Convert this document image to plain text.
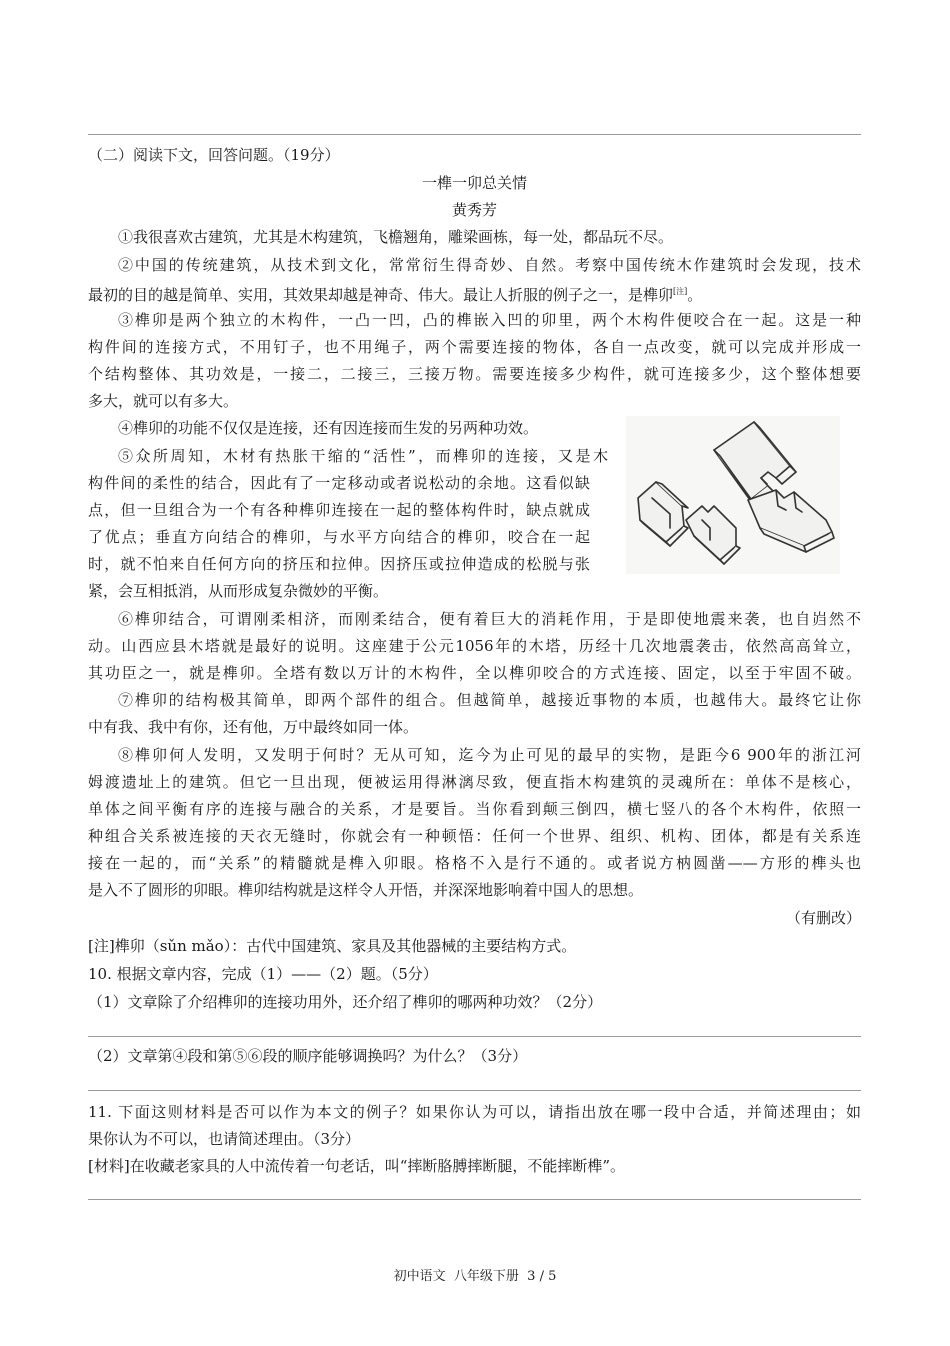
（二）阅读下文，回答问题。（19分）
一榫一卯总关情
黄秀芳
①我很喜欢古建筑，尤其是木构建筑，飞檐翘角，雕梁画栋，每一处，都品玩不尽。
②中国的传统建筑，从技术到文化，常常衍生得奇妙、自然。考察中国传统木作建筑时会发现，技术
最初的目的越是简单、实用，其效果却越是神奇、伟大。最让人折服的例子之一，是榫卯[注]。
③榫卯是两个独立的木构件，一凸一凹，凸的榫嵌入凹的卯里，两个木构件便咬合在一起。这是一种
构件间的连接方式，不用钉子，也不用绳子，两个需要连接的物体，各自一点改变，就可以完成并形成一
个结构整体、其功效是，一接二，二接三，三接万物。需要连接多少构件，就可连接多少，这个整体想要
多大，就可以有多大。
④榫卯的功能不仅仅是连接，还有因连接而生发的另两种功效。
⑤众所周知，木材有热胀干缩的“活性”，而榫卯的连接，又是木
构件间的柔性的结合，因此有了一定移动或者说松动的余地。这看似缺
点，但一旦组合为一个有各种榫卯连接在一起的整体构件时，缺点就成
了优点；垂直方向结合的榫卯，与水平方向结合的榫卯，咬合在一起
时，就不怕来自任何方向的挤压和拉伸。因挤压或拉伸造成的松脱与张
紧，会互相抵消，从而形成复杂微妙的平衡。
⑥榫卯结合，可谓刚柔相济，而刚柔结合，便有着巨大的消耗作用，于是即使地震来袭，也自岿然不
动。山西应县木塔就是最好的说明。这座建于公元1056年的木塔，历经十几次地震袭击，依然高高耸立，
其功臣之一，就是榫卯。全塔有数以万计的木构件，全以榫卯咬合的方式连接、固定，以至于牢固不破。
⑦榫卯的结构极其简单，即两个部件的组合。但越简单，越接近事物的本质，也越伟大。最终它让你
中有我、我中有你，还有他，万中最终如同一体。
⑧榫卯何人发明，又发明于何时？无从可知，迄今为止可见的最早的实物，是距今6 900年的浙江河
姆渡遗址上的建筑。但它一旦出现，便被运用得淋漓尽致，便直指木构建筑的灵魂所在：单体不是核心，
单体之间平衡有序的连接与融合的关系，才是要旨。当你看到颠三倒四，横七竖八的各个木构件，依照一
种组合关系被连接的天衣无缝时，你就会有一种顿悟：任何一个世界、组织、机构、团体，都是有关系连
接在一起的，而“关系”的精髓就是榫入卯眼。格格不入是行不通的。或者说方枘圆凿——方形的榫头也
是入不了圆形的卯眼。榫卯结构就是这样令人开悟，并深深地影响着中国人的思想。
（有删改）
[注]榫卯（sǔn mǎo）：古代中国建筑、家具及其他器械的主要结构方式。
10. 根据文章内容，完成（1）——（2）题。（5分）
（1）文章除了介绍榫卯的连接功用外，还介绍了榫卯的哪两种功效？（2分）
（2）文章第④段和第⑤⑥段的顺序能够调换吗？为什么？（3分）
11. 下面这则材料是否可以作为本文的例子？如果你认为可以，请指出放在哪一段中合适，并简述理由；如
果你认为不可以，也请简述理由。（3分）
[材料]在收藏老家具的人中流传着一句老话，叫“摔断胳膊摔断腿，不能摔断榫”。
初中语文  八年级下册  3 / 5
